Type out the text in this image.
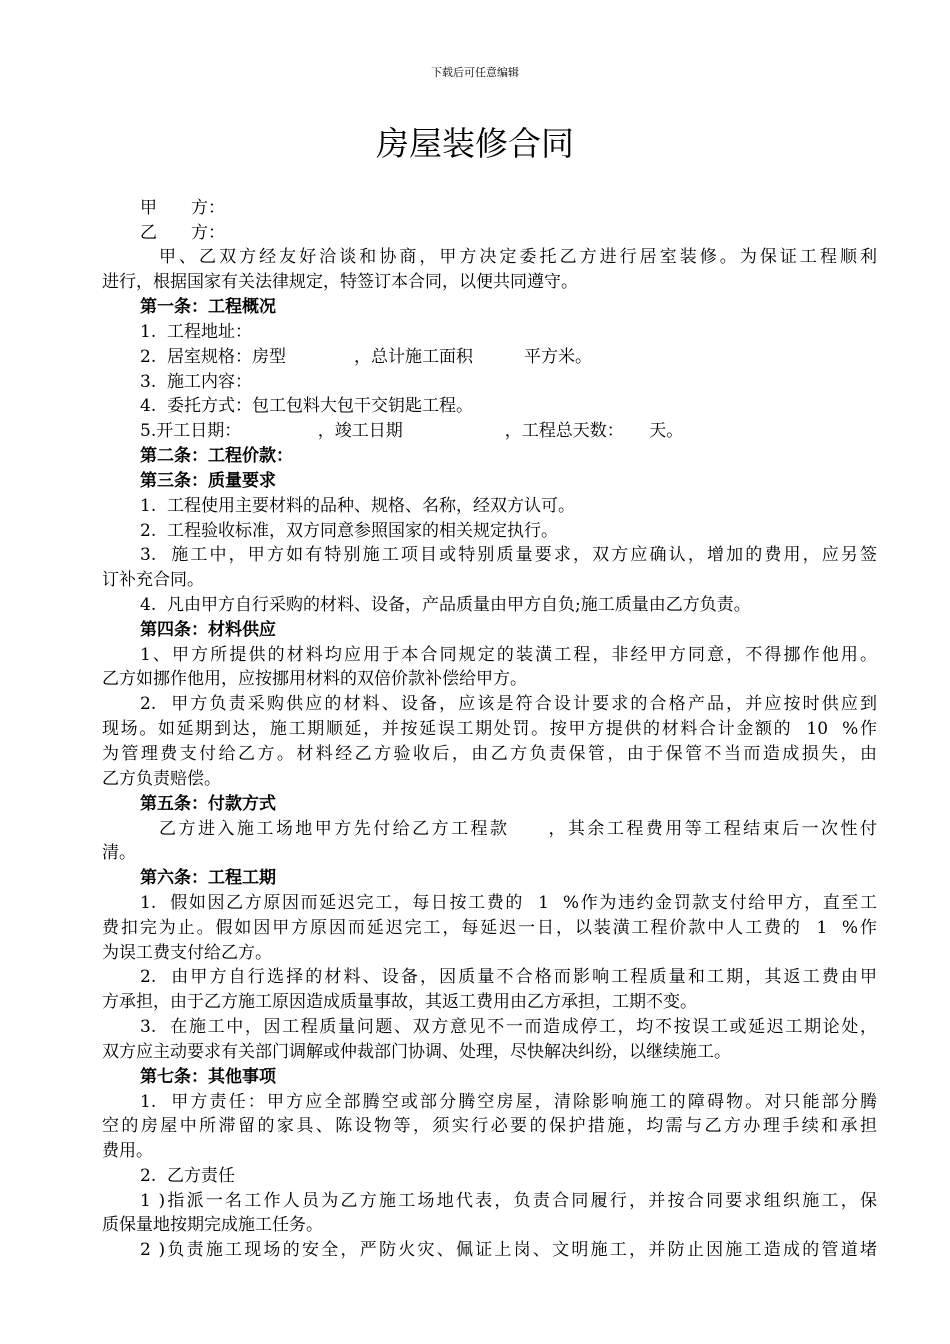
下载后可任意编辑
房屋装修合同
甲　　方：
乙　　方：
甲、乙双方经友好洽谈和协商，甲方决定委托乙方进行居室装修。为保证工程顺利
进行，根据国家有关法律规定，特签订本合同，以便共同遵守。
第一条：工程概况
1.  工程地址：
2.  居室规格：房型　　　　，总计施工面积　　　平方米。
3.  施工内容：
4.  委托方式：包工包料大包干交钥匙工程。
5.开工日期：　　　　　，竣工日期　　　　　　，工程总天数：　　天。
第二条：工程价款：
第三条：质量要求
1.  工程使用主要材料的品种、规格、名称，经双方认可。
2.  工程验收标准，双方同意参照国家的相关规定执行。
3.  施工中，甲方如有特别施工项目或特别质量要求，双方应确认，增加的费用，应另签
订补充合同。
4.  凡由甲方自行采购的材料、设备，产品质量由甲方自负;施工质量由乙方负责。
第四条：材料供应
1、甲方所提供的材料均应用于本合同规定的装潢工程，非经甲方同意，不得挪作他用。
乙方如挪作他用，应按挪用材料的双倍价款补偿给甲方。
2.  甲方负责采购供应的材料、设备，应该是符合设计要求的合格产品，并应按时供应到
现场。如延期到达，施工期顺延，并按延误工期处罚。按甲方提供的材料合计金额的  10  %作
为管理费支付给乙方。材料经乙方验收后，由乙方负责保管，由于保管不当而造成损失，由
乙方负责赔偿。
第五条：付款方式
乙方进入施工场地甲方先付给乙方工程款　　，其余工程费用等工程结束后一次性付
清。
第六条：工程工期
1.  假如因乙方原因而延迟完工，每日按工费的  1  %作为违约金罚款支付给甲方，直至工
费扣完为止。假如因甲方原因而延迟完工，每延迟一日，以装潢工程价款中人工费的  1  %作
为误工费支付给乙方。
2.  由甲方自行选择的材料、设备，因质量不合格而影响工程质量和工期，其返工费由甲
方承担，由于乙方施工原因造成质量事故，其返工费用由乙方承担，工期不变。
3.  在施工中，因工程质量问题、双方意见不一而造成停工，均不按误工或延迟工期论处，
双方应主动要求有关部门调解或仲裁部门协调、处理，尽快解决纠纷，以继续施工。
第七条：其他事项
1.  甲方责任：甲方应全部腾空或部分腾空房屋，清除影响施工的障碍物。对只能部分腾
空的房屋中所滞留的家具、陈设物等，须实行必要的保护措施，均需与乙方办理手续和承担
费用。
2.  乙方责任
1 )指派一名工作人员为乙方施工场地代表，负责合同履行，并按合同要求组织施工，保
质保量地按期完成施工任务。
2 )负责施工现场的安全，严防火灾、佩证上岗、文明施工，并防止因施工造成的管道堵
